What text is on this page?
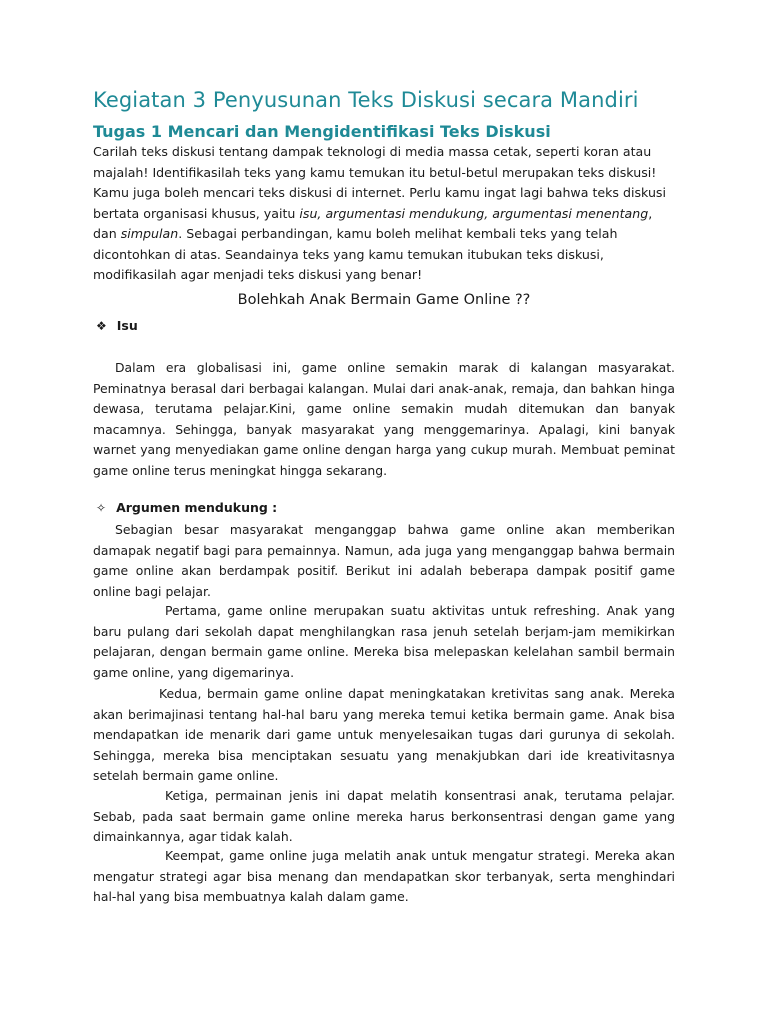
Kegiatan 3 Penyusunan Teks Diskusi secara Mandiri
Tugas 1 Mencari dan Mengidentifikasi Teks Diskusi

Carilah teks diskusi tentang dampak teknologi di media massa cetak, seperti koran atau majalah! Identifikasilah teks yang kamu temukan itu betul-betul merupakan teks diskusi! Kamu juga boleh mencari teks diskusi di internet. Perlu kamu ingat lagi bahwa teks diskusi bertata organisasi khusus, yaitu isu, argumentasi mendukung, argumentasi menentang, dan simpulan. Sebagai perbandingan, kamu boleh melihat kembali teks yang telah dicontohkan di atas. Seandainya teks yang kamu temukan itubukan teks diskusi, modifikasilah agar menjadi teks diskusi yang benar!

Bolehkah Anak Bermain Game Online ??
❖ Isu

Dalam era globalisasi ini, game online semakin marak di kalangan masyarakat. Peminatnya berasal dari berbagai kalangan. Mulai dari anak-anak, remaja, dan bahkan hinga dewasa, terutama pelajar.Kini, game online semakin mudah ditemukan dan banyak macamnya. Sehingga, banyak masyarakat yang menggemarinya. Apalagi, kini banyak warnet yang menyediakan game online dengan harga yang cukup murah. Membuat peminat game online terus meningkat hingga sekarang.

✧ Argumen mendukung :

Sebagian besar masyarakat menganggap bahwa game online akan memberikan damapak negatif bagi para pemainnya. Namun, ada juga yang menganggap bahwa bermain game online akan berdampak positif. Berikut ini adalah beberapa dampak positif game online bagi pelajar.

Pertama, game online merupakan suatu aktivitas untuk refreshing. Anak yang baru pulang dari sekolah dapat menghilangkan rasa jenuh setelah berjam-jam memikirkan pelajaran, dengan bermain game online. Mereka bisa melepaskan kelelahan sambil bermain game online, yang digemarinya.

Kedua, bermain game online dapat meningkatakan kretivitas sang anak. Mereka akan berimajinasi tentang hal-hal baru yang mereka temui ketika bermain game. Anak bisa mendapatkan ide menarik dari game untuk menyelesaikan tugas dari gurunya di sekolah. Sehingga, mereka bisa menciptakan sesuatu yang menakjubkan dari ide kreativitasnya setelah bermain game online.

Ketiga, permainan jenis ini dapat melatih konsentrasi anak, terutama pelajar. Sebab, pada saat bermain game online mereka harus berkonsentrasi dengan game yang dimainkannya, agar tidak kalah.

Keempat, game online juga melatih anak untuk mengatur strategi. Mereka akan mengatur strategi agar bisa menang dan mendapatkan skor terbanyak, serta menghindari hal-hal yang bisa membuatnya kalah dalam game.
